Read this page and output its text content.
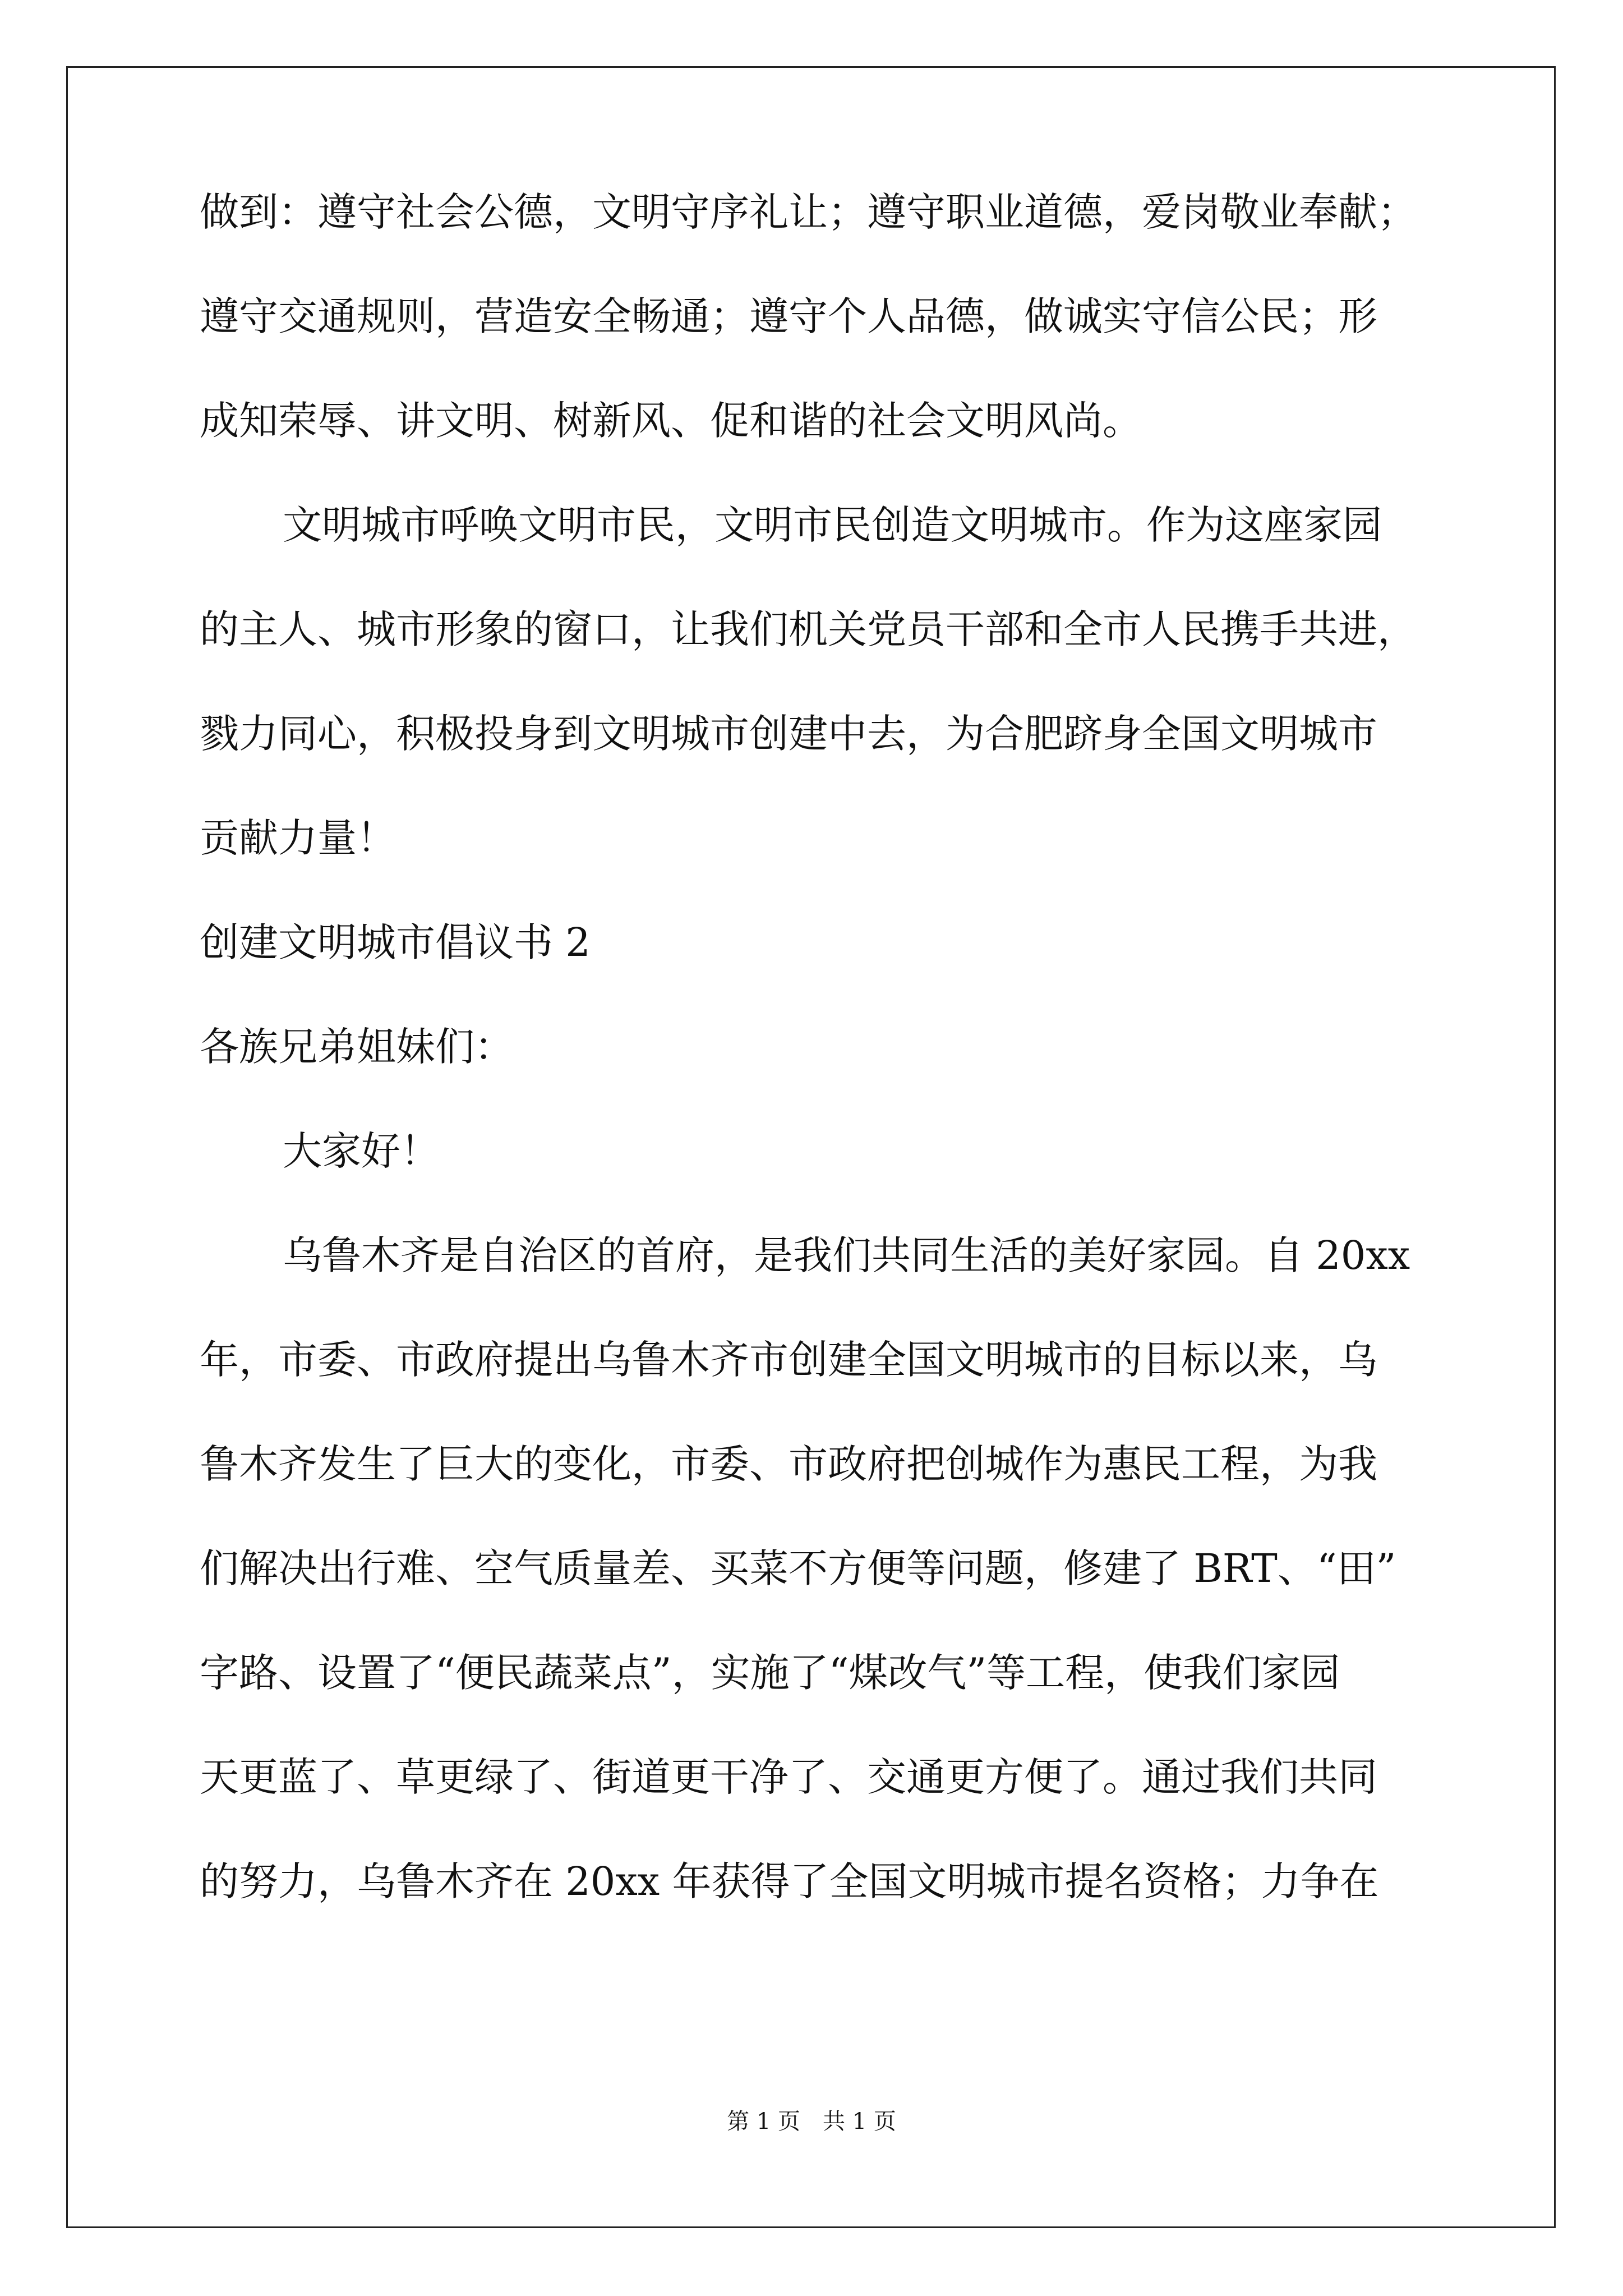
做到：遵守社会公德，文明守序礼让；遵守职业道德，爱岗敬业奉献；
遵守交通规则，营造安全畅通；遵守个人品德，做诚实守信公民；形
成知荣辱、讲文明、树新风、促和谐的社会文明风尚。
文明城市呼唤文明市民，文明市民创造文明城市。作为这座家园
的主人、城市形象的窗口，让我们机关党员干部和全市人民携手共进，
戮力同心，积极投身到文明城市创建中去，为合肥跻身全国文明城市
贡献力量！
创建文明城市倡议书 2
各族兄弟姐妹们：
大家好！
乌鲁木齐是自治区的首府，是我们共同生活的美好家园。自 20xx
年，市委、市政府提出乌鲁木齐市创建全国文明城市的目标以来，乌
鲁木齐发生了巨大的变化，市委、市政府把创城作为惠民工程，为我
们解决出行难、空气质量差、买菜不方便等问题，修建了 BRT、“田”
字路、设置了“便民蔬菜点”，实施了“煤改气”等工程，使我们家园
天更蓝了、草更绿了、街道更干净了、交通更方便了。通过我们共同
的努力，乌鲁木齐在 20xx 年获得了全国文明城市提名资格；力争在
第 1 页　共 1 页
